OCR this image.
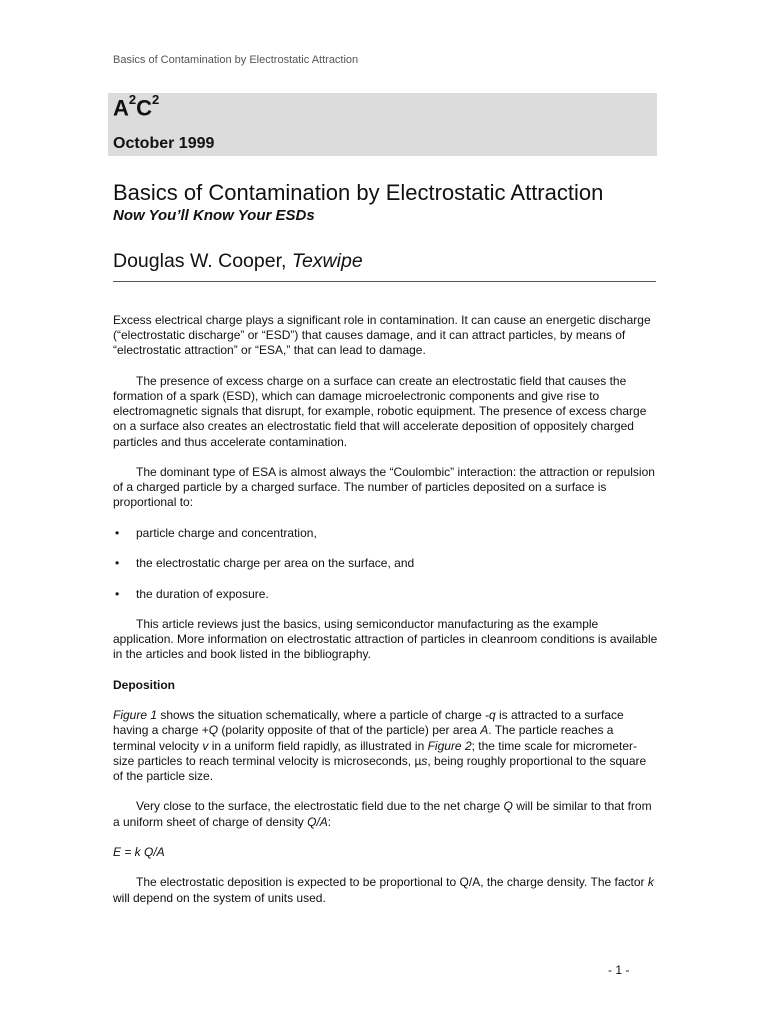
Basics of Contamination by Electrostatic Attraction
$A^2C^2$
October 1999
Basics of Contamination by Electrostatic Attraction
Now You’ll Know Your ESDs
Douglas W. Cooper, Texwipe

Excess electrical charge plays a significant role in contamination. It can cause an energetic discharge (“electrostatic discharge” or “ESD”) that causes damage, and it can attract particles, by means of “electrostatic attraction” or “ESA,” that can lead to damage.

The presence of excess charge on a surface can create an electrostatic field that causes the formation of a spark (ESD), which can damage microelectronic components and give rise to electromagnetic signals that disrupt, for example, robotic equipment. The presence of excess charge on a surface also creates an electrostatic field that will accelerate deposition of oppositely charged particles and thus accelerate contamination.

The dominant type of ESA is almost always the “Coulombic” interaction: the attraction or repulsion of a charged particle by a charged surface. The number of particles deposited on a surface is proportional to:

• particle charge and concentration,
• the electrostatic charge per area on the surface, and
• the duration of exposure.

This article reviews just the basics, using semiconductor manufacturing as the example application. More information on electrostatic attraction of particles in cleanroom conditions is available in the articles and book listed in the bibliography.

Deposition

Figure 1 shows the situation schematically, where a particle of charge -q is attracted to a surface having a charge +Q (polarity opposite of that of the particle) per area A. The particle reaches a terminal velocity v in a uniform field rapidly, as illustrated in Figure 2; the time scale for micrometer-size particles to reach terminal velocity is microseconds, µs, being roughly proportional to the square of the particle size.

Very close to the surface, the electrostatic field due to the net charge Q will be similar to that from a uniform sheet of charge of density Q/A:

E = k Q/A

The electrostatic deposition is expected to be proportional to Q/A, the charge density. The factor k will depend on the system of units used.

- 1 -
